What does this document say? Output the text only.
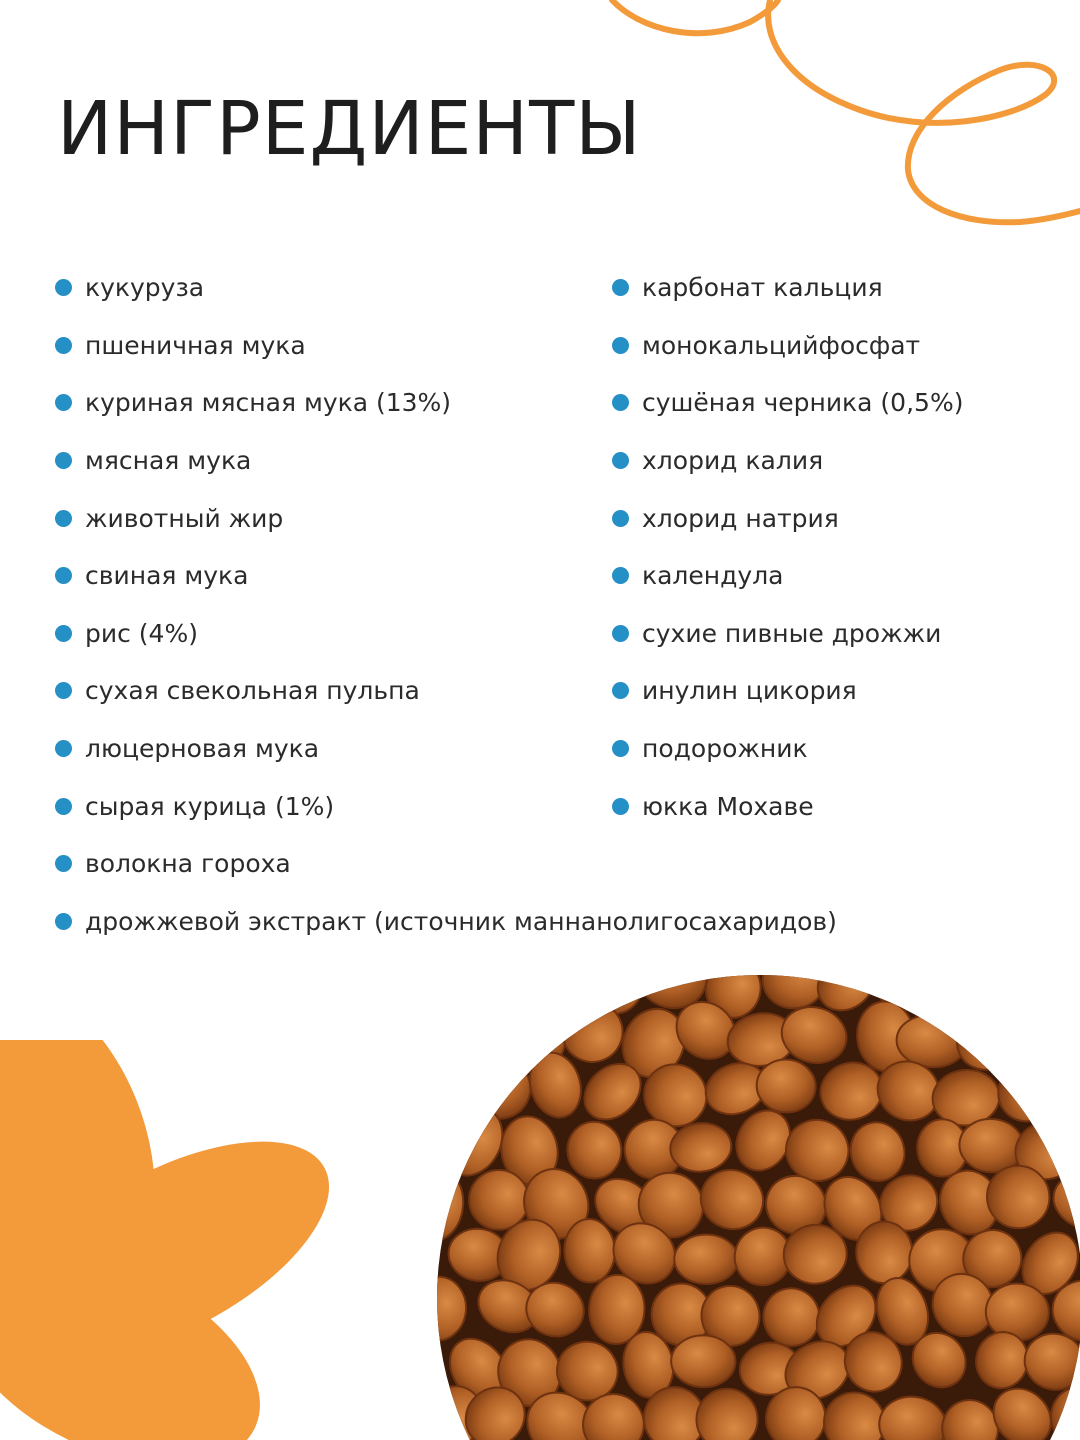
ИНГРЕДИЕНТЫ
кукуруза
пшеничная мука
куриная мясная мука (13%)
мясная мука
животный жир
свиная мука
рис (4%)
сухая свекольная пульпа
люцерновая мука
сырая курица (1%)
волокна гороха
дрожжевой экстракт (источник маннанолигосахаридов)
карбонат кальция
монокальцийфосфат
сушёная черника (0,5%)
хлорид калия
хлорид натрия
календула
сухие пивные дрожжи
инулин цикория
подорожник
юкка Мохаве
